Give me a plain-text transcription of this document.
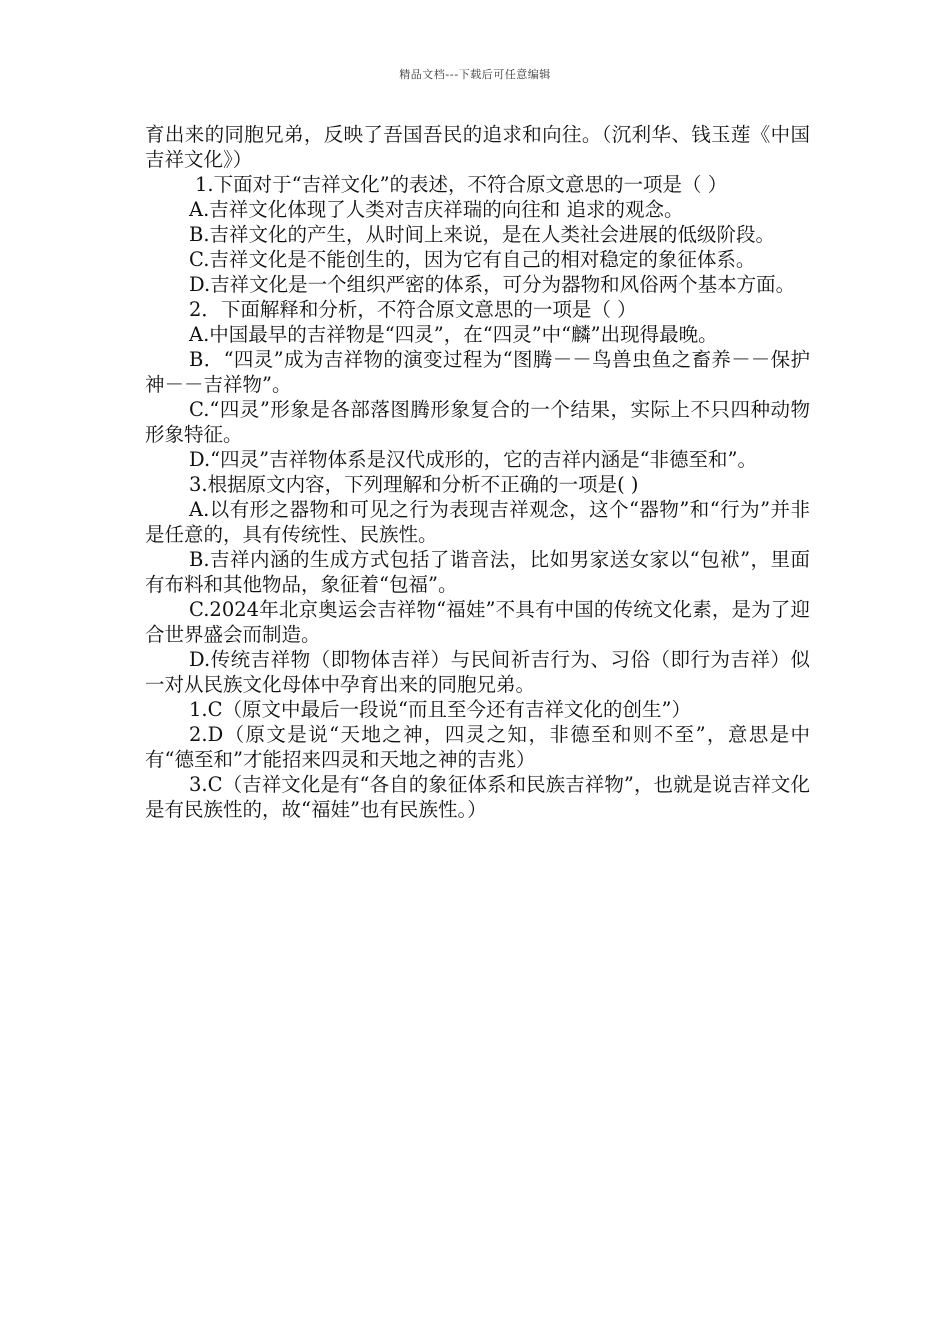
精品文档---下载后可任意编辑

育出来的同胞兄弟，反映了吾国吾民的追求和向往。（沉利华、钱玉莲《中国吉祥文化》）

1.下面对于“吉祥文化”的表述，不符合原文意思的一项是（ ）

A.吉祥文化体现了人类对吉庆祥瑞的向往和 追求的观念。

B.吉祥文化的产生，从时间上来说，是在人类社会进展的低级阶段。

C.吉祥文化是不能创生的，因为它有自己的相对稳定的象征体系。

D.吉祥文化是一个组织严密的体系，可分为器物和风俗两个基本方面。

2．下面解释和分析，不符合原文意思的一项是（ ）

A.中国最早的吉祥物是“四灵”，在“四灵”中“麟”出现得最晚。

B．“四灵”成为吉祥物的演变过程为“图腾－－鸟兽虫鱼之畜养－－保护神－－吉祥物”。

C.“四灵”形象是各部落图腾形象复合的一个结果，实际上不只四种动物形象特征。

D.“四灵”吉祥物体系是汉代成形的，它的吉祥内涵是“非德至和”。

3.根据原文内容，下列理解和分析不正确的一项是( )

A.以有形之器物和可见之行为表现吉祥观念，这个“器物”和“行为”并非是任意的，具有传统性、民族性。

B.吉祥内涵的生成方式包括了谐音法，比如男家送女家以“包袱”，里面有布料和其他物品，象征着“包福”。

C.2024年北京奥运会吉祥物“福娃”不具有中国的传统文化素，是为了迎合世界盛会而制造。

D.传统吉祥物（即物体吉祥）与民间祈吉行为、习俗（即行为吉祥）似一对从民族文化母体中孕育出来的同胞兄弟。

1.C（原文中最后一段说“而且至今还有吉祥文化的创生”）

2.D（原文是说“天地之神，四灵之知，非德至和则不至”，意思是中有“德至和”才能招来四灵和天地之神的吉兆）

3.C（吉祥文化是有“各自的象征体系和民族吉祥物”，也就是说吉祥文化是有民族性的，故“福娃”也有民族性。）
